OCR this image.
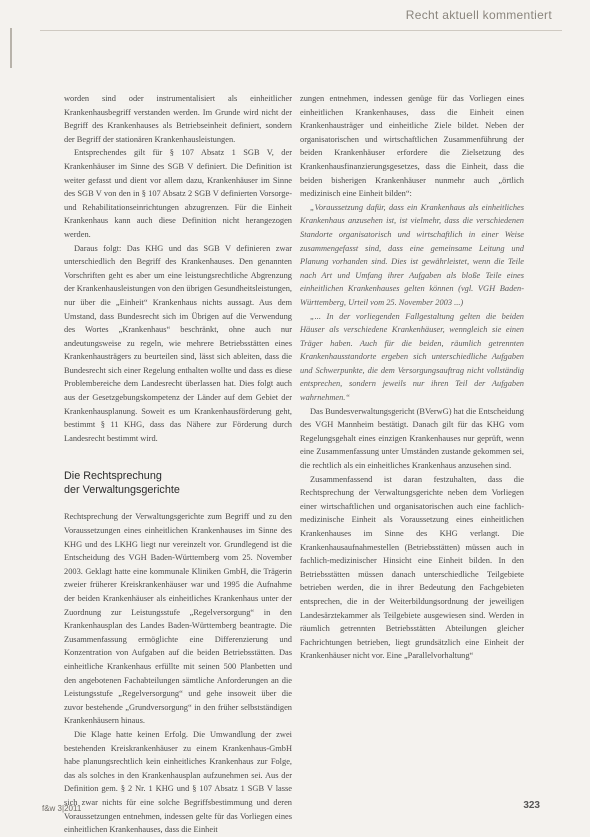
Recht aktuell kommentiert

worden sind oder instrumentalisiert als einheitlicher Krankenhausbegriff verstanden werden. Im Grunde wird nicht der Begriff des Krankenhauses als Betriebseinheit definiert, sondern der Begriff der stationären Krankenhausleistungen.

Entsprechendes gilt für § 107 Absatz 1 SGB V, der Krankenhäuser im Sinne des SGB V definiert. Die Definition ist weiter gefasst und dient vor allem dazu, Krankenhäuser im Sinne des SGB V von den in § 107 Absatz 2 SGB V definierten Vorsorge- und Rehabilitationseinrichtungen abzugrenzen. Für die Einheit Krankenhaus kann auch diese Definition nicht herangezogen werden.

Daraus folgt: Das KHG und das SGB V definieren zwar unterschiedlich den Begriff des Krankenhauses. Den genannten Vorschriften geht es aber um eine leistungsrechtliche Abgrenzung der Krankenhausleistungen von den übrigen Gesundheitsleistungen, nur über die „Einheit“ Krankenhaus nichts aussagt. Aus dem Umstand, dass Bundesrecht sich im Übrigen auf die Verwendung des Wortes „Krankenhaus“ beschränkt, ohne auch nur andeutungsweise zu regeln, wie mehrere Betriebsstätten eines Krankenhausträgers zu beurteilen sind, lässt sich ableiten, dass die Bundesrecht sich einer Regelung enthalten wollte und dass es diese Problembereiche dem Landesrecht überlassen hat. Dies folgt auch aus der Gesetzgebungskompetenz der Länder auf dem Gebiet der Krankenhausplanung. Soweit es um Krankenhausförderung geht, bestimmt § 11 KHG, dass das Nähere zur Förderung durch Landesrecht bestimmt wird.

Die Rechtsprechung
der Verwaltungsgerichte

Rechtsprechung der Verwaltungsgerichte zum Begriff und zu den Voraussetzungen eines einheitlichen Krankenhauses im Sinne des KHG und des LKHG liegt nur vereinzelt vor. Grundlegend ist die Entscheidung des VGH Baden-Württemberg vom 25. November 2003. Geklagt hatte eine kommunale Kliniken GmbH, die Trägerin zweier früherer Kreiskrankenhäuser war und 1995 die Aufnahme der beiden Krankenhäuser als einheitliches Krankenhaus unter der Zuordnung zur Leistungsstufe „Regelversorgung“ in den Krankenhausplan des Landes Baden-Württemberg beantragte. Die Zusammenfassung ermöglichte eine Differenzierung und Konzentration von Aufgaben auf die beiden Betriebsstätten. Das einheitliche Krankenhaus erfüllte mit seinen 500 Planbetten und den angebotenen Fachabteilungen sämtliche Anforderungen an die Leistungsstufe „Regelversorgung“ und gehe insoweit über die zuvor bestehende „Grundversorgung“ in den früher selbstständigen Krankenhäusern hinaus.

Die Klage hatte keinen Erfolg. Die Umwandlung der zwei bestehenden Kreiskrankenhäuser zu einem Krankenhaus-GmbH habe planungsrechtlich kein einheitliches Krankenhaus zur Folge, das als solches in den Krankenhausplan aufzunehmen sei. Aus der Definition gem. § 2 Nr. 1 KHG und § 107 Absatz 1 SGB V lasse sich zwar nichts für eine solche Begriffsbestimmung und deren Voraussetzungen entnehmen, indessen gelte für das Vorliegen eines einheitlichen Krankenhauses, dass die Einheit

zungen entnehmen, indessen genüge für das Vorliegen eines einheitlichen Krankenhauses, dass die Einheit einen Krankenhausträger und einheitliche Ziele bildet. Neben der organisatorischen und wirtschaftlichen Zusammenführung der beiden Krankenhäuser erfordere die Zielsetzung des Krankenhausfinanzierungsgesetzes, dass die Einheit, dass die beiden bisherigen Krankenhäuser nunmehr auch „örtlich medizinisch eine Einheit bilden“:

„Voraussetzung dafür, dass ein Krankenhaus als einheitliches Krankenhaus anzusehen ist, ist vielmehr, dass die verschiedenen Standorte organisatorisch und wirtschaftlich in einer Weise zusammengefasst sind, dass eine gemeinsame Leitung und Planung vorhanden sind. Dies ist gewährleistet, wenn die Teile nach Art und Umfang ihrer Aufgaben als bloße Teile eines einheitlichen Krankenhauses gelten können (vgl. VGH Baden-Württemberg, Urteil vom 25. November 2003 ...)

„... In der vorliegenden Fallgestaltung gelten die beiden Häuser als verschiedene Krankenhäuser, wenngleich sie einen Träger haben. Auch für die beiden, räumlich getrennten Krankenhausstandorte ergeben sich unterschiedliche Aufgaben und Schwerpunkte, die dem Versorgungsauftrag nicht vollständig entsprechen, sondern jeweils nur ihren Teil der Aufgaben wahrnehmen.“

Das Bundesverwaltungsgericht (BVerwG) hat die Entscheidung des VGH Mannheim bestätigt. Danach gilt für das KHG vom Regelungsgehalt eines einzigen Krankenhauses nur geprüft, wenn eine Zusammenfassung unter Umständen zustande gekommen sei, die rechtlich als ein einheitliches Krankenhaus anzusehen sind.

Zusammenfassend ist daran festzuhalten, dass die Rechtsprechung der Verwaltungsgerichte neben dem Vorliegen einer wirtschaftlichen und organisatorischen auch eine fachlich-medizinische Einheit als Voraussetzung eines einheitlichen Krankenhauses im Sinne des KHG verlangt. Die Krankenhausaufnahmestellen (Betriebsstätten) müssen auch in fachlich-medizinischer Hinsicht eine Einheit bilden. In den Betriebsstätten müssen danach unterschiedliche Teilgebiete betrieben werden, die in ihrer Bedeutung den Fachgebieten entsprechen, die in der Weiterbildungsordnung der jeweiligen Landesärztekammer als Teilgebiete ausgewiesen sind. Werden in räumlich getrennten Betriebsstätten Abteilungen gleicher Fachrichtungen betrieben, liegt grundsätzlich eine Einheit der Krankenhäuser nicht vor. Eine „Parallelvorhaltung“

f&w 3|2011	323
